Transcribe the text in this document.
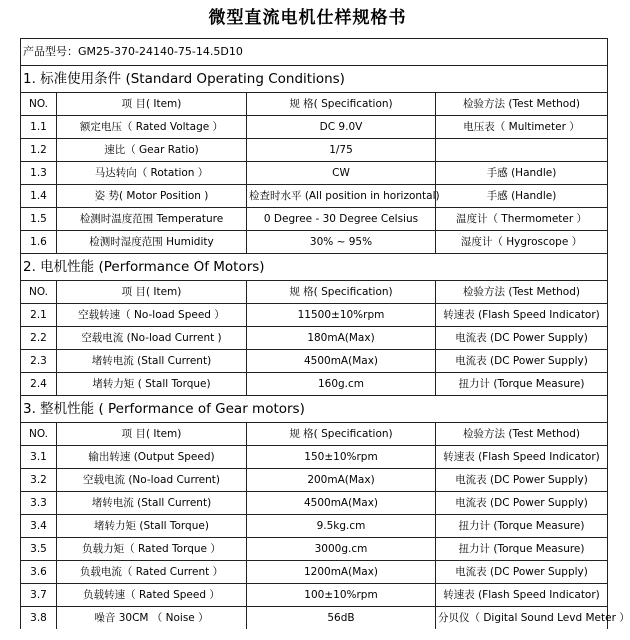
微型直流电机仕样规格书
产品型号：GM25-370-24140-75-14.5D10			
1. 标准使用条件 (Standard Operating Conditions)			
NO.	项 目( Item)	规 格( Specification)	检验方法 (Test Method)
1.1	额定电压（ Rated Voltage ）	DC 9.0V	电压表（ Multimeter ）
1.2	速比（ Gear Ratio)	1/75	
1.3	马达转向（ Rotation ）	CW	手感 (Handle)
1.4	姿 势( Motor Position )	检查时水平 (All position in horizontal)	手感 (Handle)
1.5	检测时温度范围 Temperature	0 Degree - 30 Degree Celsius	温度计（ Thermometer ）
1.6	检测时湿度范围 Humidity	30% ~ 95%	湿度计（ Hygroscope ）
2. 电机性能 (Performance Of Motors)			
NO.	项 目( Item)	规 格( Specification)	检验方法 (Test Method)
2.1	空载转速（ No-load Speed ）	11500±10%rpm	转速表 (Flash Speed Indicator)
2.2	空载电流 (No-load Current )	180mA(Max)	电流表 (DC Power Supply)
2.3	堵转电流 (Stall Current)	4500mA(Max)	电流表 (DC Power Supply)
2.4	堵转力矩 ( Stall Torque)	160g.cm	扭力计 (Torque Measure)
3. 整机性能 ( Performance of Gear motors)			
NO.	项 目( Item)	规 格( Specification)	检验方法 (Test Method)
3.1	输出转速 (Output Speed)	150±10%rpm	转速表 (Flash Speed Indicator)
3.2	空载电流 (No-load Current)	200mA(Max)	电流表 (DC Power Supply)
3.3	堵转电流 (Stall Current)	4500mA(Max)	电流表 (DC Power Supply)
3.4	堵转力矩 (Stall Torque)	9.5kg.cm	扭力计 (Torque Measure)
3.5	负载力矩（ Rated Torque ）	3000g.cm	扭力计 (Torque Measure)
3.6	负载电流（ Rated Current ）	1200mA(Max)	电流表 (DC Power Supply)
3.7	负载转速（ Rated Speed ）	100±10%rpm	转速表 (Flash Speed Indicator)
3.8	噪音 30CM （ Noise ）	56dB	分贝仪（ Digital Sound Levd Meter ）
